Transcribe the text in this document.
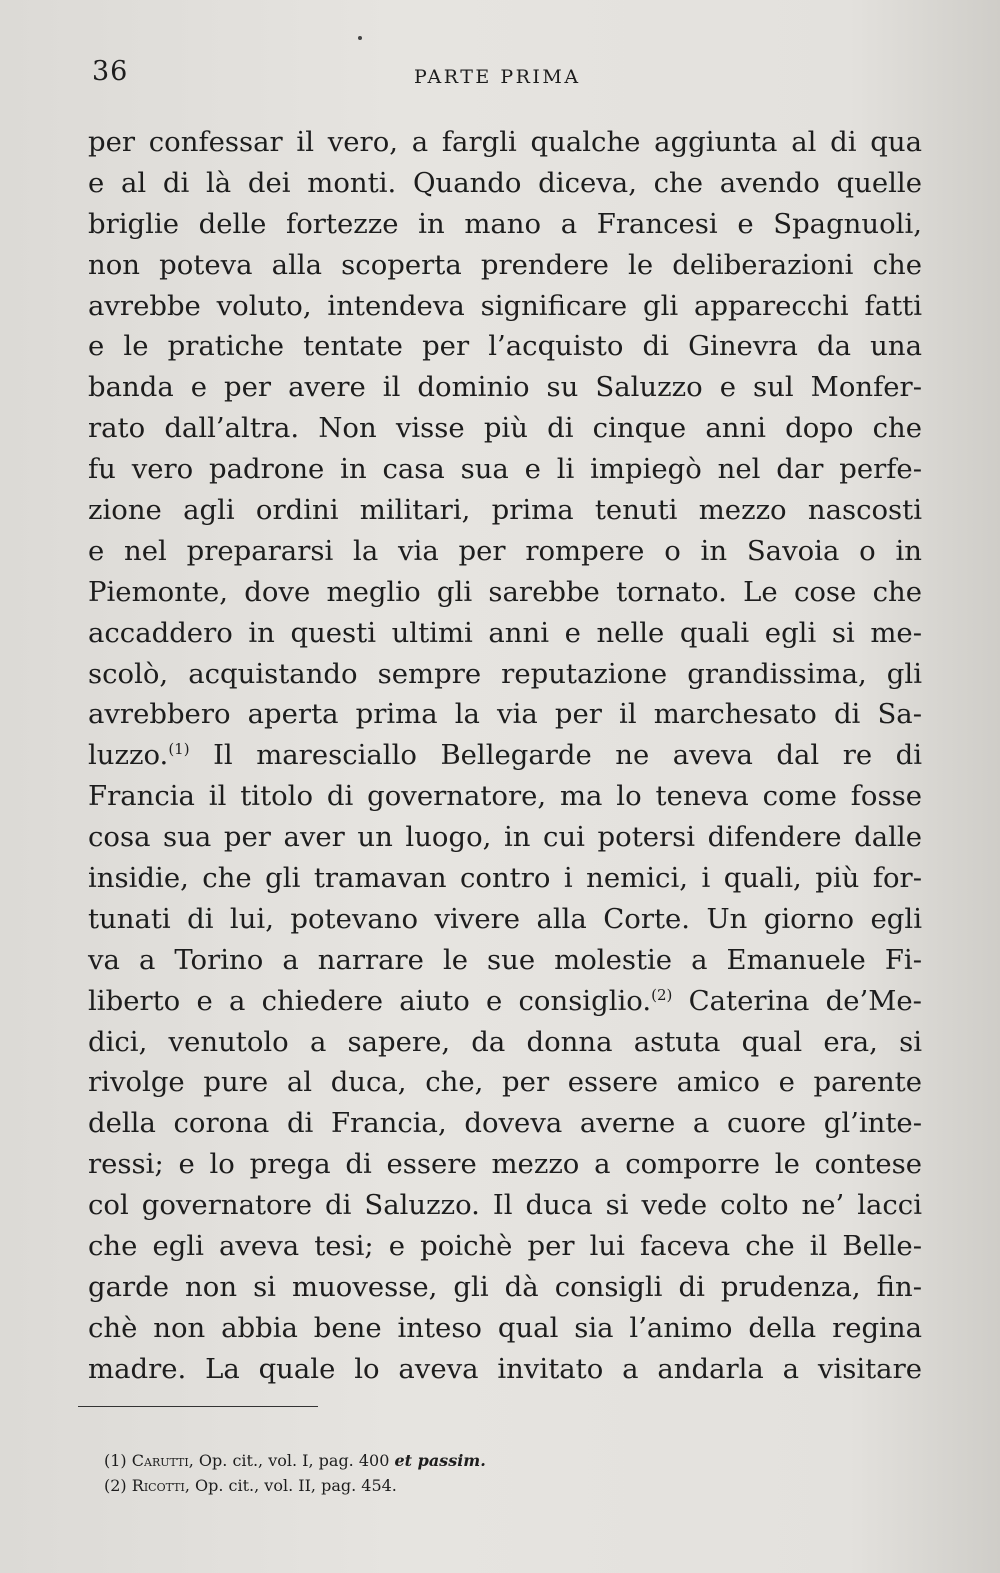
36	PARTE PRIMA
per confessar il vero, a fargli qualche aggiunta al di qua
e al di là dei monti. Quando diceva, che avendo quelle
briglie delle fortezze in mano a Francesi e Spagnuoli,
non poteva alla scoperta prendere le deliberazioni che
avrebbe voluto, intendeva significare gli apparecchi fatti
e le pratiche tentate per l’acquisto di Ginevra da una
banda e per avere il dominio su Saluzzo e sul Monfer-
rato dall’altra. Non visse più di cinque anni dopo che
fu vero padrone in casa sua e li impiegò nel dar perfe-
zione agli ordini militari, prima tenuti mezzo nascosti
e nel prepararsi la via per rompere o in Savoia o in
Piemonte, dove meglio gli sarebbe tornato. Le cose che
accaddero in questi ultimi anni e nelle quali egli si me-
scolò, acquistando sempre reputazione grandissima, gli
avrebbero aperta prima la via per il marchesato di Sa-
luzzo.$^{(1)}$ Il maresciallo Bellegarde ne aveva dal re di
Francia il titolo di governatore, ma lo teneva come fosse
cosa sua per aver un luogo, in cui potersi difendere dalle
insidie, che gli tramavan contro i nemici, i quali, più for-
tunati di lui, potevano vivere alla Corte. Un giorno egli
va a Torino a narrare le sue molestie a Emanuele Fi-
liberto e a chiedere aiuto e consiglio.$^{(2)}$ Caterina de’Me-
dici, venutolo a sapere, da donna astuta qual era, si
rivolge pure al duca, che, per essere amico e parente
della corona di Francia, doveva averne a cuore gl’inte-
ressi; e lo prega di essere mezzo a comporre le contese
col governatore di Saluzzo. Il duca si vede colto ne’ lacci
che egli aveva tesi; e poichè per lui faceva che il Belle-
garde non si muovesse, gli dà consigli di prudenza, fin-
chè non abbia bene inteso qual sia l’animo della regina
madre. La quale lo aveva invitato a andarla a visitare
(1) Carutti, Op. cit., vol. I, pag. 400 et passim.
(2) Ricotti, Op. cit., vol. II, pag. 454.
